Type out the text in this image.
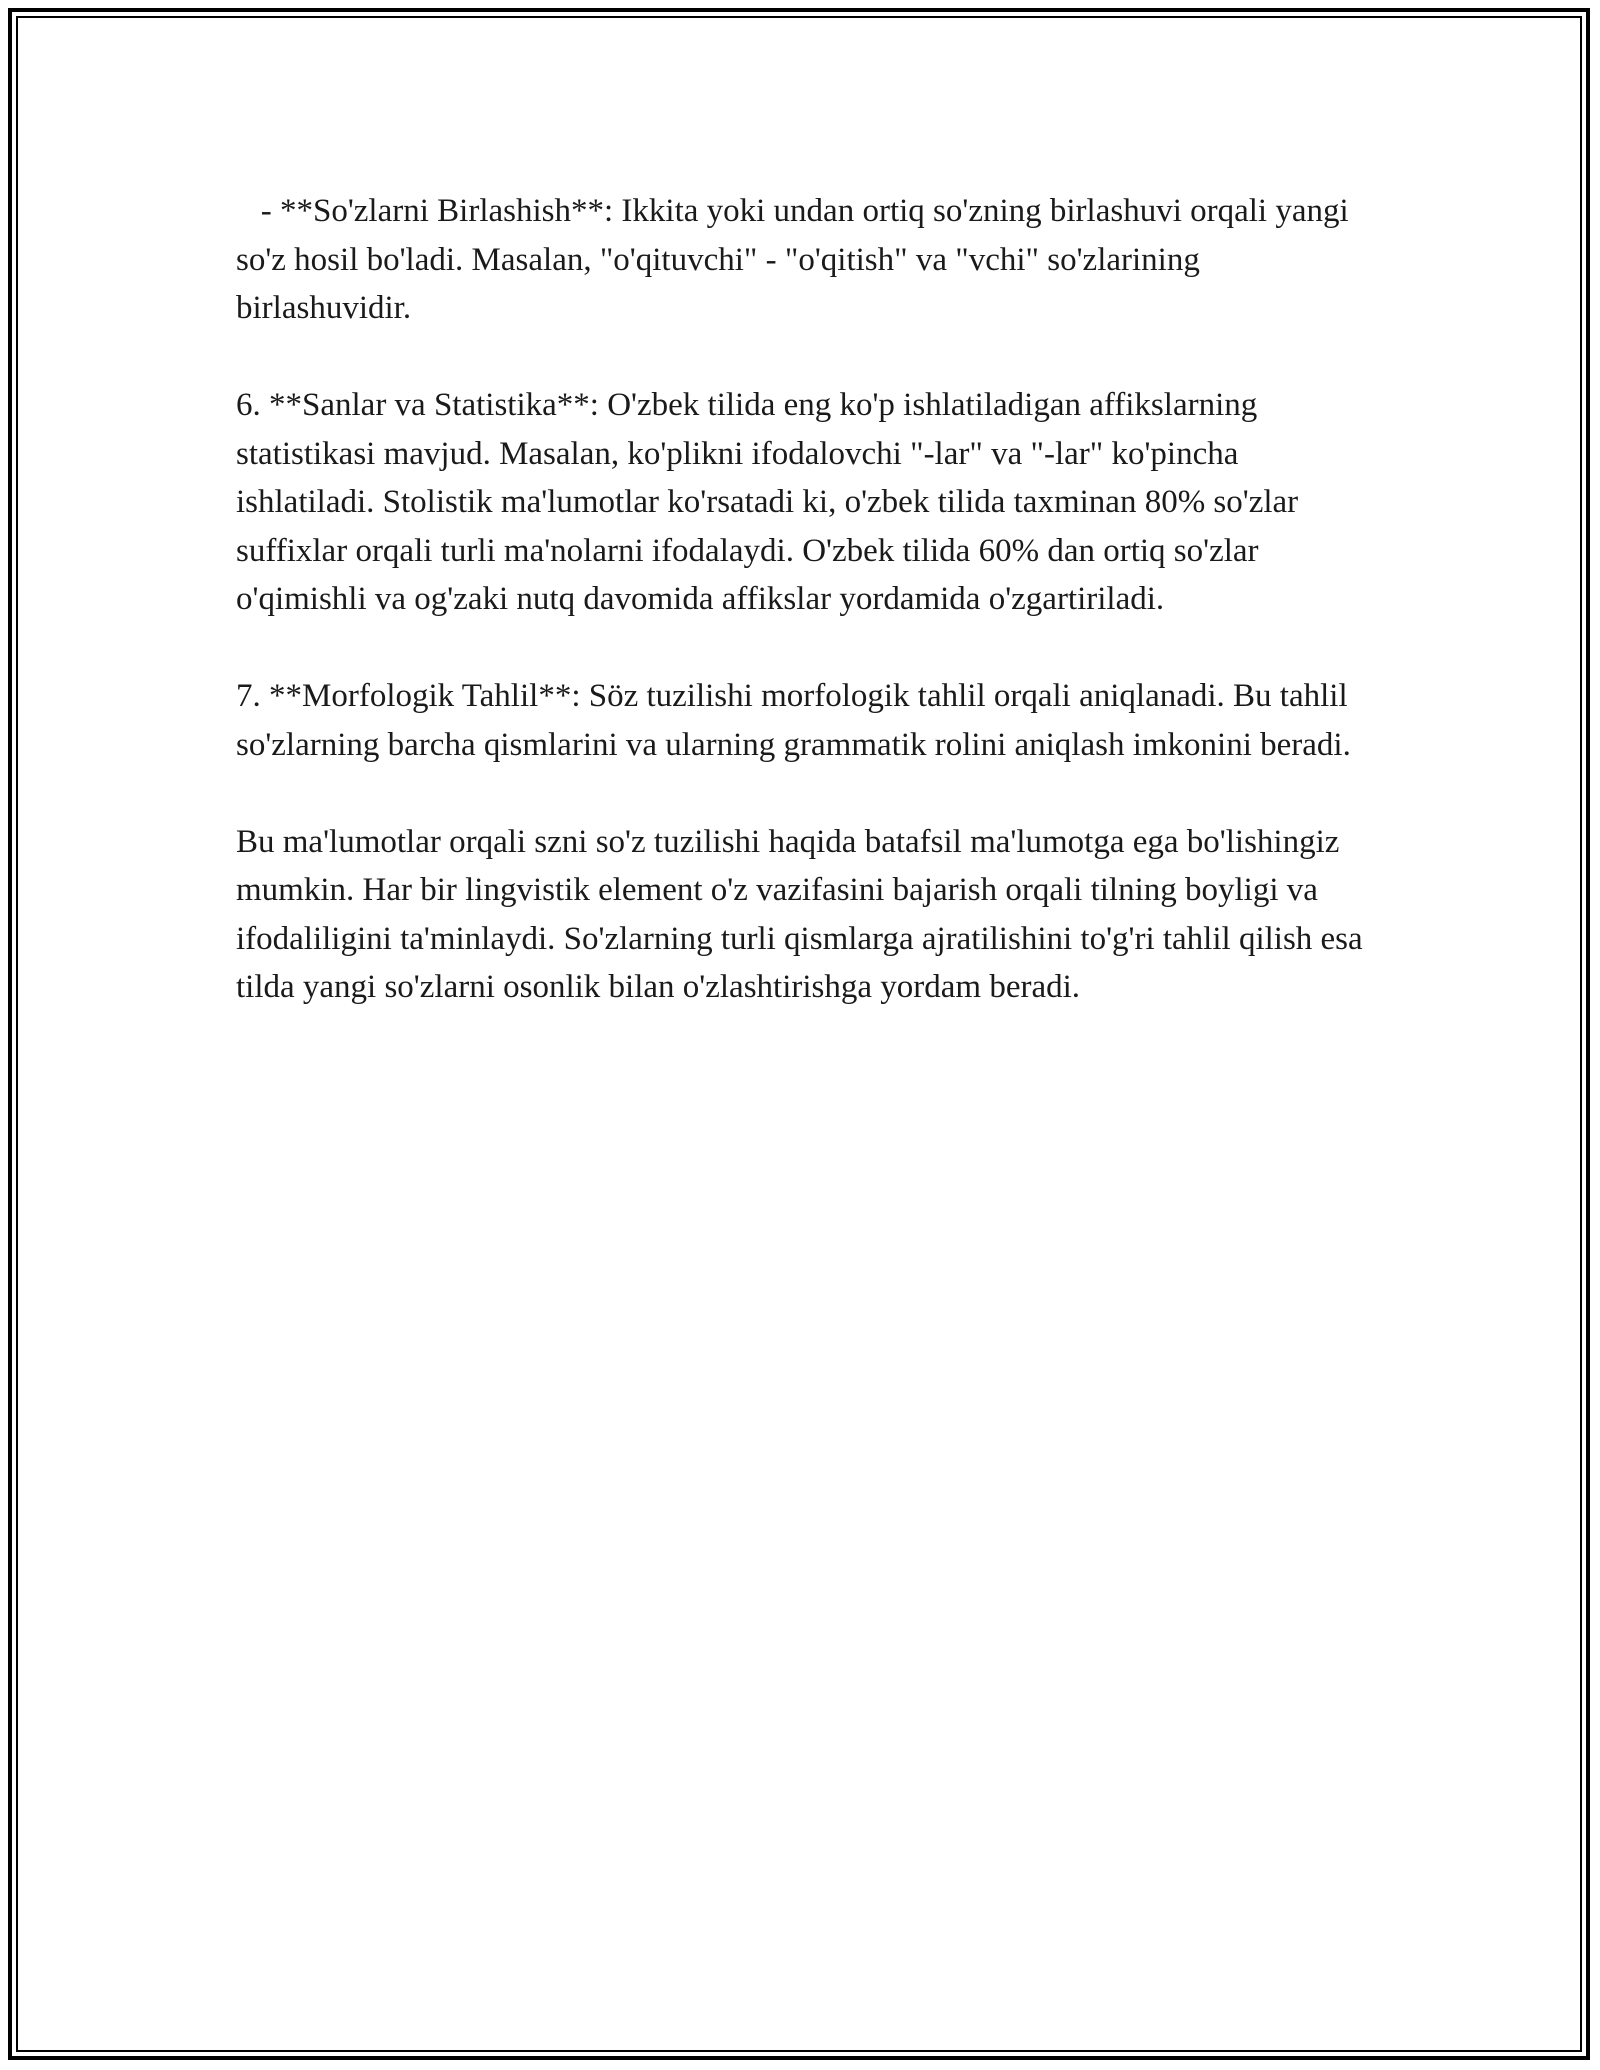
- **So'zlarni Birlashish**: Ikkita yoki undan ortiq so'zning birlashuvi orqali yangi so'z hosil bo'ladi. Masalan, "o'qituvchi" - "o'qitish" va "vchi" so'zlarining birlashuvidir.

6. **Sanlar va Statistika**: O'zbek tilida eng ko'p ishlatiladigan affikslarning statistikasi mavjud. Masalan, ko'plikni ifodalovchi "-lar" va "-lar" ko'pincha ishlatiladi. Stolistik ma'lumotlar ko'rsatadi ki, o'zbek tilida taxminan 80% so'zlar suffixlar orqali turli ma'nolarni ifodalaydi. O'zbek tilida 60% dan ortiq so'zlar o'qimishli va og'zaki nutq davomida affikslar yordamida o'zgartiriladi.

7. **Morfologik Tahlil**: Söz tuzilishi morfologik tahlil orqali aniqlanadi. Bu tahlil so'zlarning barcha qismlarini va ularning grammatik rolini aniqlash imkonini beradi.

Bu ma'lumotlar orqali szni so'z tuzilishi haqida batafsil ma'lumotga ega bo'lishingiz mumkin. Har bir lingvistik element o'z vazifasini bajarish orqali tilning boyligi va ifodaliligini ta'minlaydi. So'zlarning turli qismlarga ajratilishini to'g'ri tahlil qilish esa tilda yangi so'zlarni osonlik bilan o'zlashtirishga yordam beradi.
